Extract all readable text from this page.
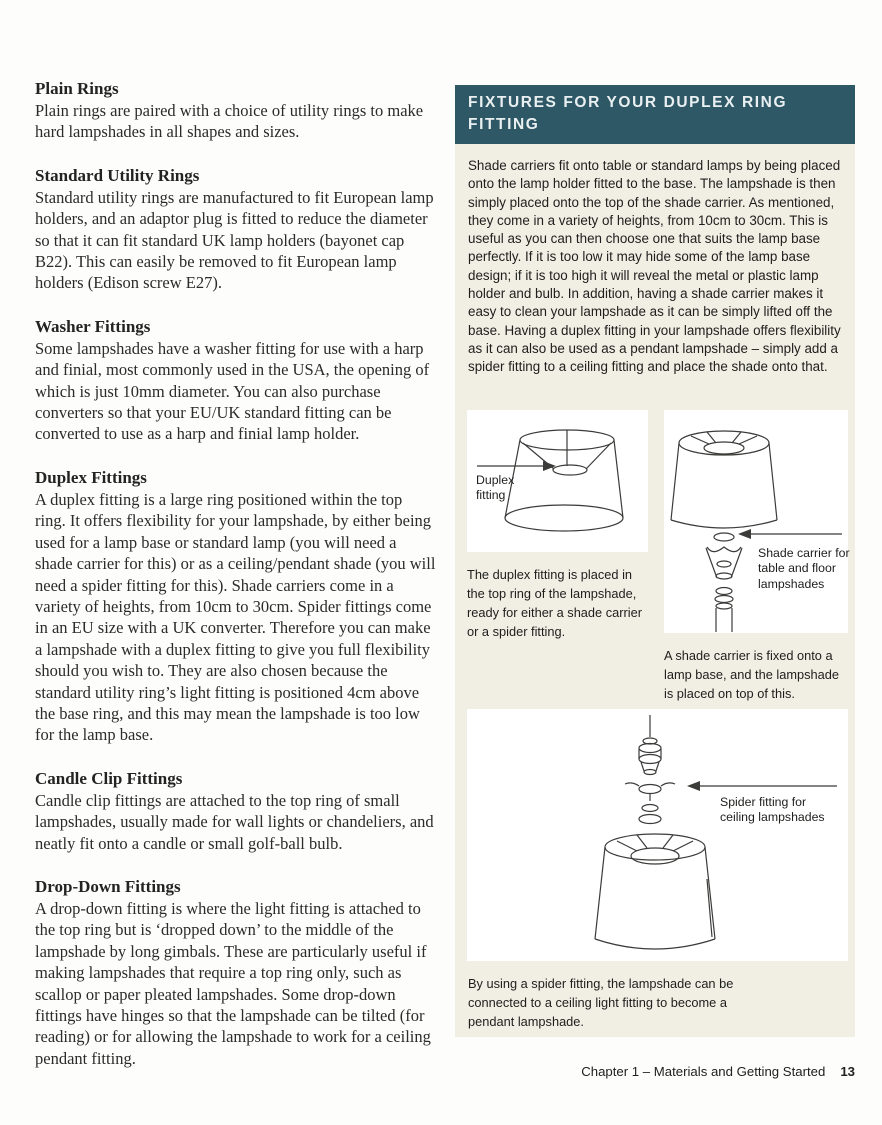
Plain Rings

Plain rings are paired with a choice of utility rings to make hard lampshades in all shapes and sizes.

Standard Utility Rings

Standard utility rings are manufactured to fit European lamp holders, and an adaptor plug is fitted to reduce the diameter so that it can fit standard UK lamp holders (bayonet cap B22). This can easily be removed to fit European lamp holders (Edison screw E27).

Washer Fittings

Some lampshades have a washer fitting for use with a harp and finial, most commonly used in the USA, the opening of which is just 10mm diameter. You can also purchase converters so that your EU/UK standard fitting can be converted to use as a harp and finial lamp holder.

Duplex Fittings

A duplex fitting is a large ring positioned within the top ring. It offers flexibility for your lampshade, by either being used for a lamp base or standard lamp (you will need a shade carrier for this) or as a ceiling/pendant shade (you will need a spider fitting for this). Shade carriers come in a variety of heights, from 10cm to 30cm. Spider fittings come in an EU size with a UK converter. Therefore you can make a lampshade with a duplex fitting to give you full flexibility should you wish to. They are also chosen because the standard utility ring’s light fitting is positioned 4cm above the base ring, and this may mean the lampshade is too low for the lamp base.

Candle Clip Fittings

Candle clip fittings are attached to the top ring of small lampshades, usually made for wall lights or chandeliers, and neatly fit onto a candle or small golf-ball bulb.

Drop-Down Fittings

A drop-down fitting is where the light fitting is attached to the top ring but is ‘dropped down’ to the middle of the lampshade by long gimbals. These are particularly useful if making lampshades that require a top ring only, such as scallop or paper pleated lampshades. Some drop-down fittings have hinges so that the lampshade can be tilted (for reading) or for allowing the lampshade to work for a ceiling pendant fitting.

FIXTURES FOR YOUR DUPLEX RING FITTING
Shade carriers fit onto table or standard lamps by being placed onto the lamp holder fitted to the base. The lampshade is then simply placed onto the top of the shade carrier. As mentioned, they come in a variety of heights, from 10cm to 30cm. This is useful as you can then choose one that suits the lamp base perfectly. If it is too low it may hide some of the lamp base design; if it is too high it will reveal the metal or plastic lamp holder and bulb. In addition, having a shade carrier makes it easy to clean your lampshade as it can be simply lifted off the base. Having a duplex fitting in your lampshade offers flexibility as it can also be used as a pendant lampshade – simply add a spider fitting to a ceiling fitting and place the shade onto that.
Duplex fitting
The duplex fitting is placed in the top ring of the lampshade, ready for either a shade carrier or a spider fitting.
Shade carrier for table and floor lampshades
A shade carrier is fixed onto a lamp base, and the lampshade is placed on top of this.
Spider fitting for ceiling lampshades
By using a spider fitting, the lampshade can be connected to a ceiling light fitting to become a pendant lampshade.
Chapter 1 – Materials and Getting Started 13
